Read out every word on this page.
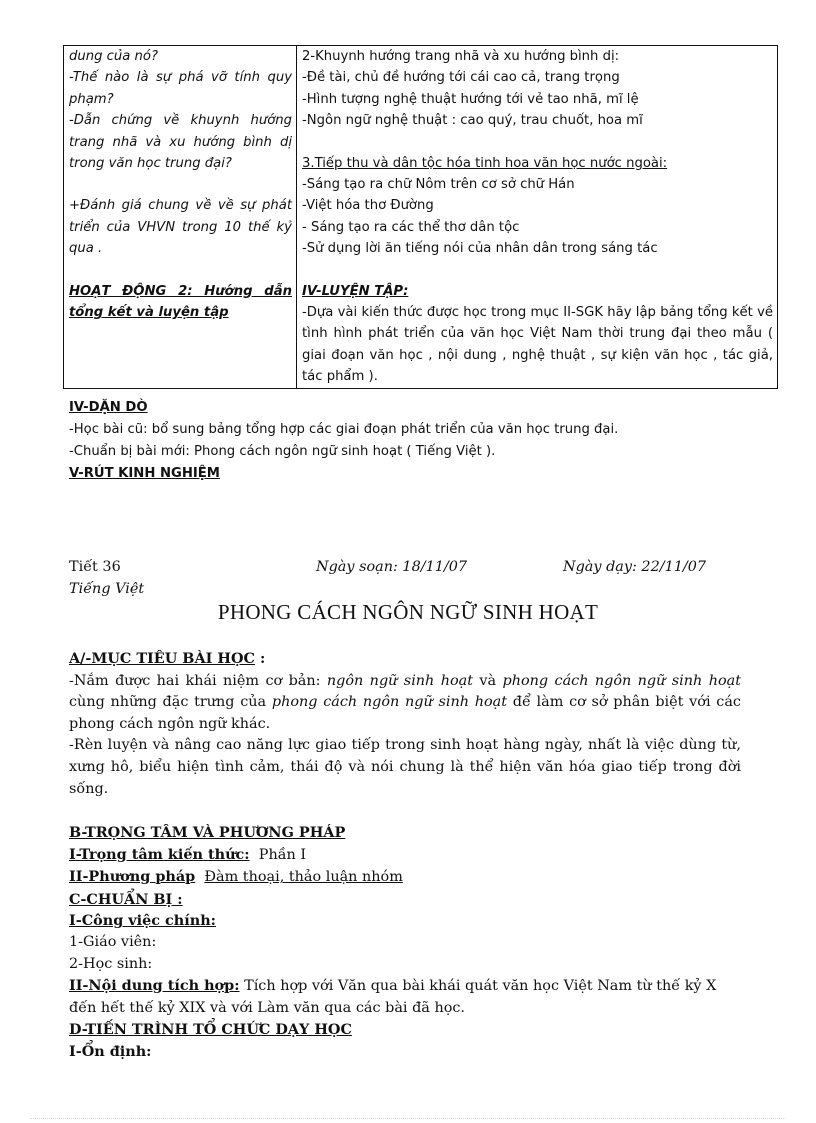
dung của nó?
-Thế nào là sự phá vỡ tính quy phạm?
-Dẫn chứng về khuynh hướng trang nhã và xu hướng bình dị trong văn học trung đại?
+Đánh giá chung về về sự phát triển của VHVN trong 10 thế kỷ qua .
HOẠT ĐỘNG 2: Hướng dẫn tổng kết và luyện tập

2-Khuynh hướng trang nhã và xu hướng bình dị:
-Đề tài, chủ đề hướng tới cái cao cả, trang trọng
-Hình tượng nghệ thuật hướng tới vẻ tao nhã, mĩ lệ
-Ngôn ngữ nghệ thuật : cao quý, trau chuốt, hoa mĩ
3.Tiếp thu và dân tộc hóa tinh hoa văn học nước ngoài:
-Sáng tạo ra chữ Nôm trên cơ sở chữ Hán
-Việt hóa thơ Đường
- Sáng tạo ra các thể thơ dân tộc
-Sử dụng lời ăn tiếng nói của nhân dân trong sáng tác
IV-LUYỆN TẬP:
-Dựa vài kiến thức được học trong mục II-SGK hãy lập bảng tổng kết về tình hình phát triển của văn học Việt Nam thời trung đại theo mẫu ( giai đoạn văn học , nội dung , nghệ thuật , sự kiện văn học , tác giả, tác phẩm ).
IV-DẶN DÒ
-Học bài cũ: bổ sung bảng tổng hợp các giai đoạn phát triển của văn học trung đại.
-Chuẩn bị bài mới: Phong cách ngôn ngữ sinh hoạt ( Tiếng Việt ).
V-RÚT KINH NGHIỆM
Tiết 36
Tiếng Việt
Ngày soạn: 18/11/07	Ngày dạy: 22/11/07
PHONG CÁCH NGÔN NGỮ SINH HOẠT
A/-MỤC TIÊU BÀI HỌC :
-Nắm được hai khái niệm cơ bản: ngôn ngữ sinh hoạt và phong cách ngôn ngữ sinh hoạt cùng những đặc trưng của phong cách ngôn ngữ sinh hoạt để làm cơ sở phân biệt với các phong cách ngôn ngữ khác.
-Rèn luyện và nâng cao năng lực giao tiếp trong sinh hoạt hàng ngày, nhất là việc dùng từ, xưng hô, biểu hiện tình cảm, thái độ và nói chung là thể hiện văn hóa giao tiếp trong đời sống.
B-TRỌNG TÂM VÀ PHƯƠNG PHÁP
I-Trọng tâm kiến thức: Phần I
II-Phương pháp Đàm thoại, thảo luận nhóm
C-CHUẨN BỊ :
I-Công việc chính:
1-Giáo viên:
2-Học sinh:
II-Nội dung tích hợp: Tích hợp với Văn qua bài khái quát văn học Việt Nam từ thế kỷ X đến hết thế kỷ XIX và với Làm văn qua các bài đã học.
D-TIẾN TRÌNH TỔ CHỨC DẠY HỌC
I-Ổn định:
